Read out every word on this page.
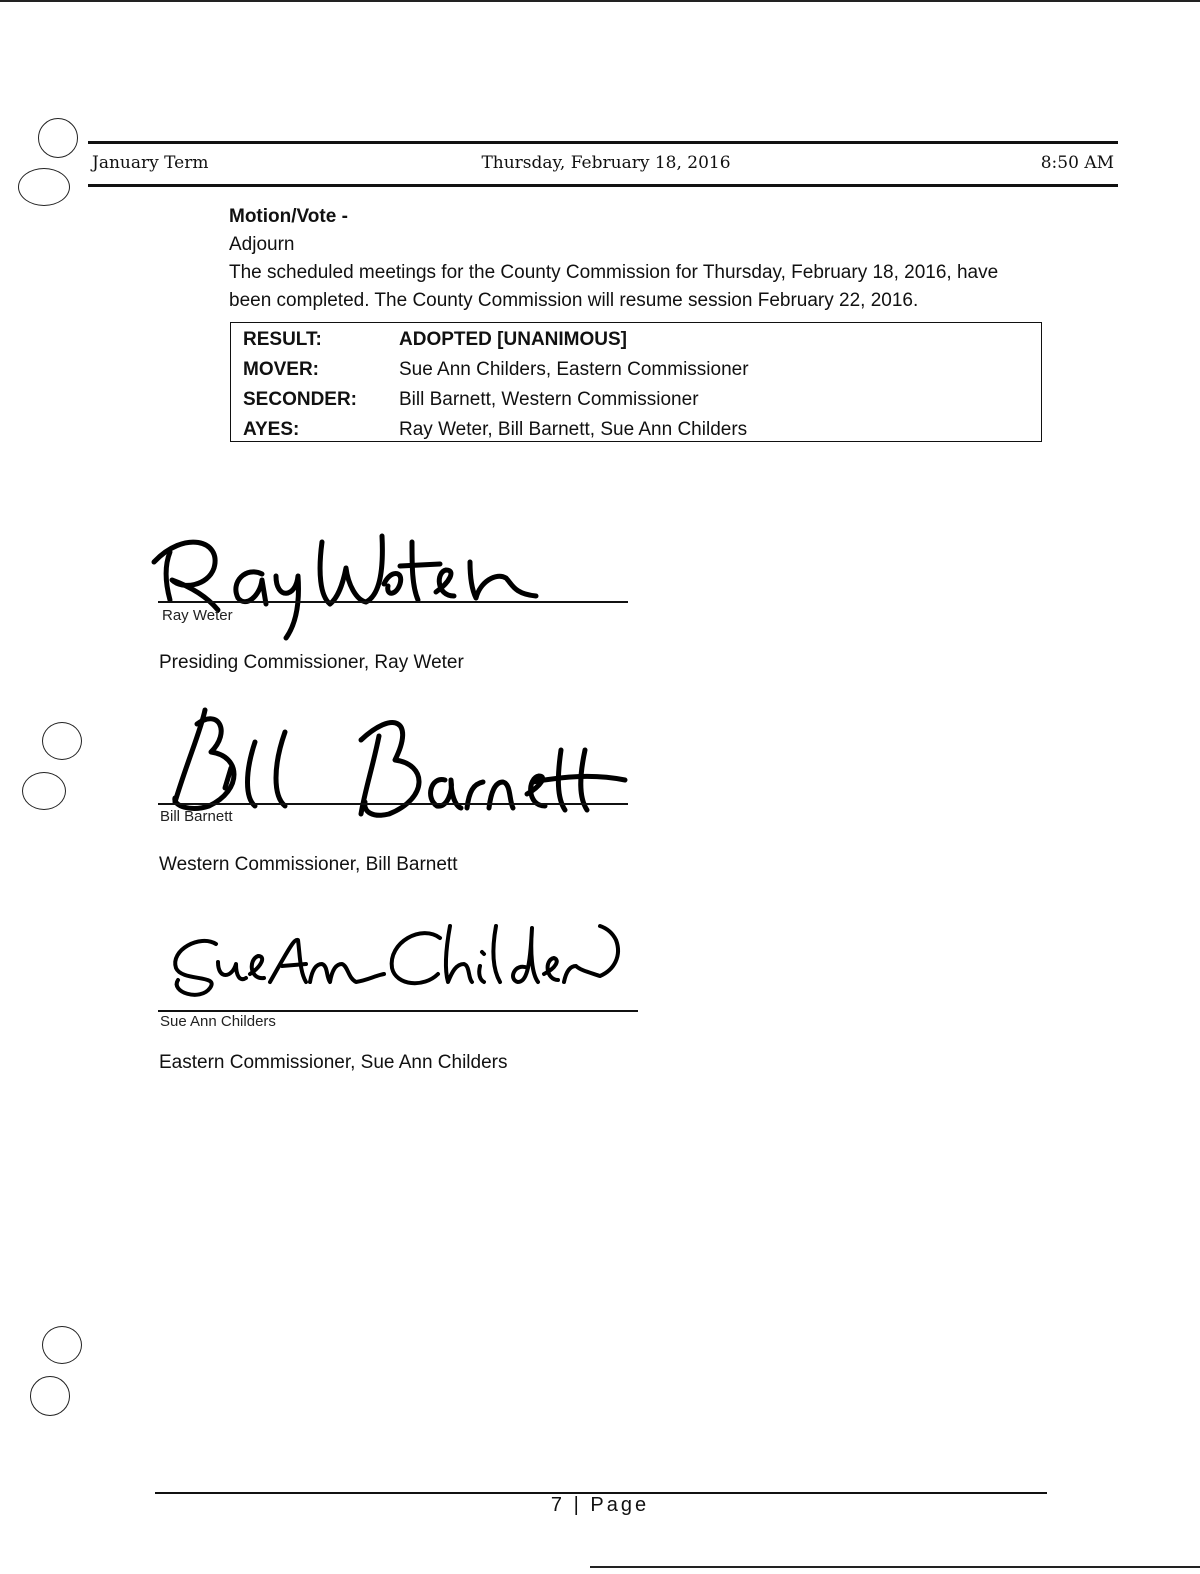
January Term	Thursday, February 18, 2016	8:50 AM
Motion/Vote -
Adjourn
The scheduled meetings for the County Commission for Thursday, February 18, 2016, have been completed. The County Commission will resume session February 22, 2016.
RESULT:	ADOPTED [UNANIMOUS]
MOVER:	Sue Ann Childers, Eastern Commissioner
SECONDER: Bill Barnett, Western Commissioner
AYES:	Ray Weter, Bill Barnett, Sue Ann Childers
Ray Weter
Presiding Commissioner, Ray Weter
Bill Barnett
Western Commissioner, Bill Barnett
Sue Ann Childers
Eastern Commissioner, Sue Ann Childers
7 | Page
